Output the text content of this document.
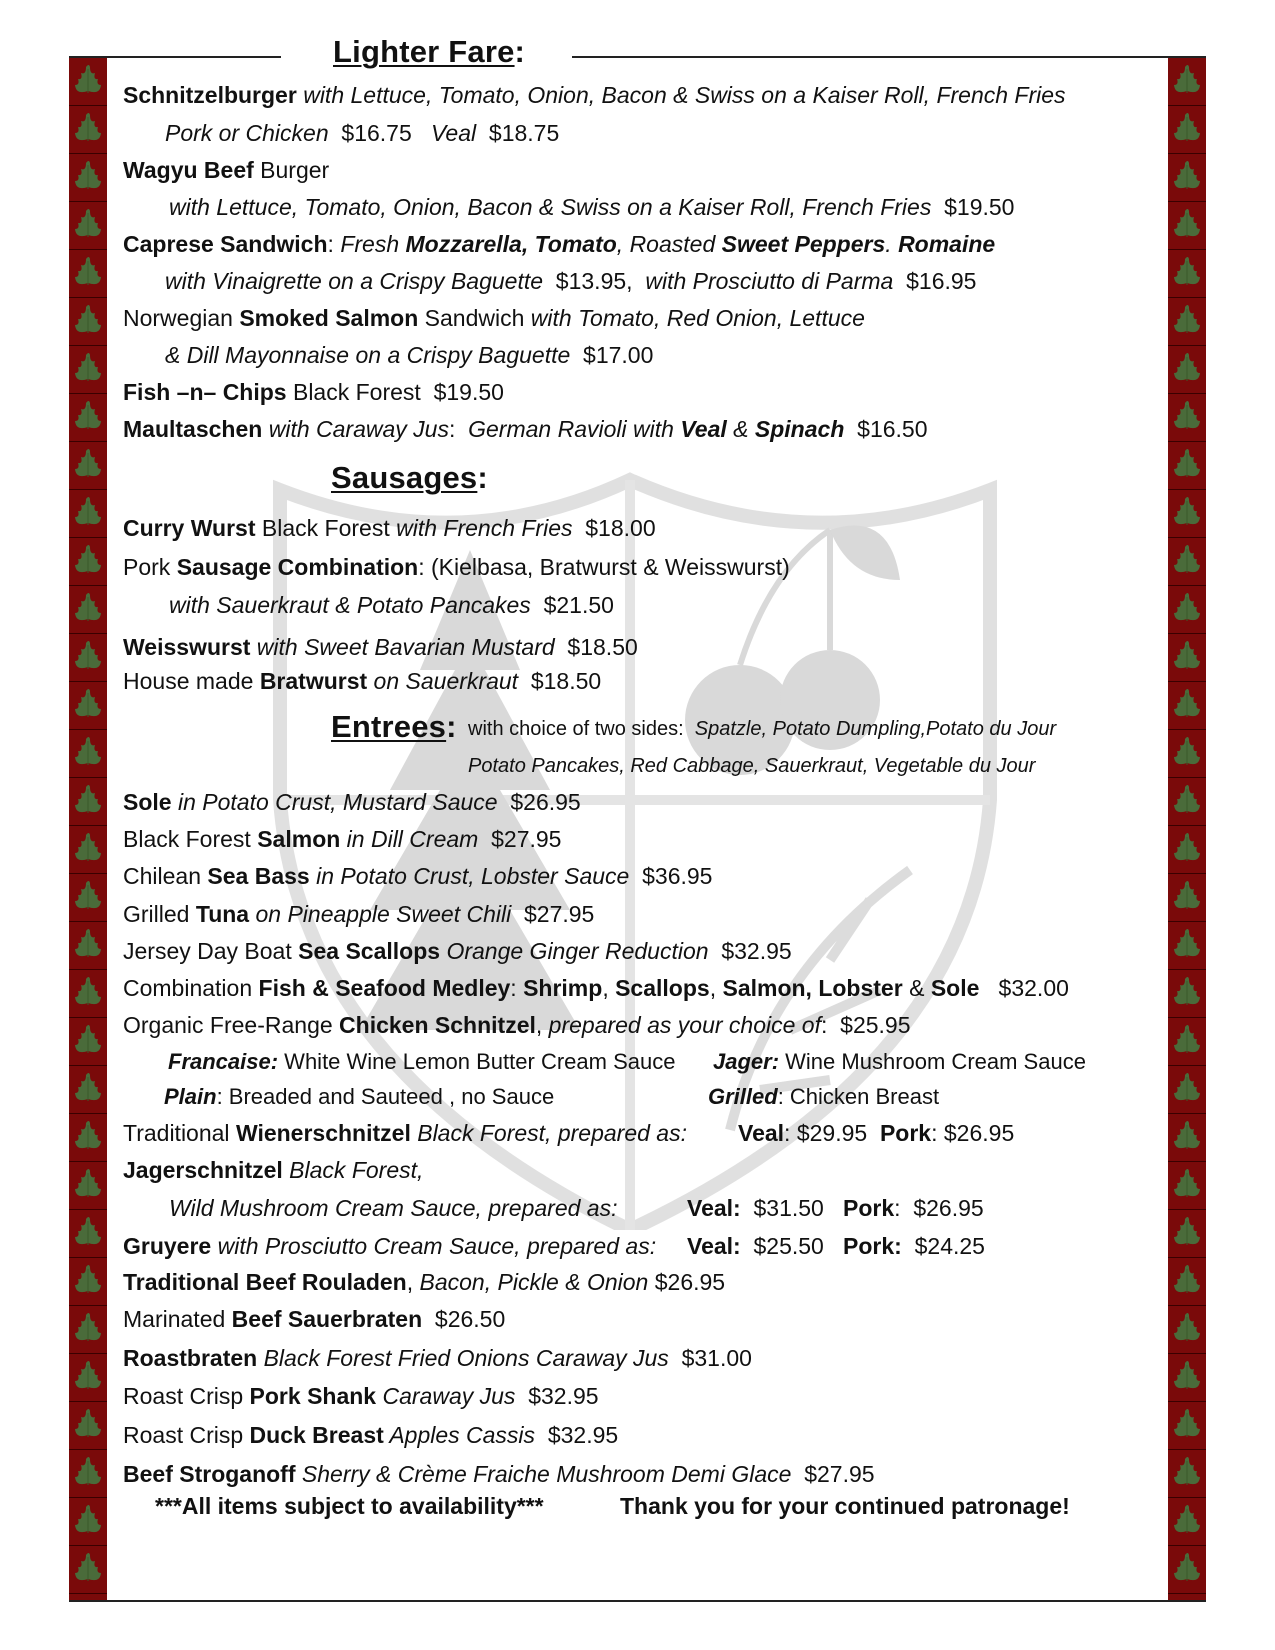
Lighter Fare:
Schnitzelburger with Lettuce, Tomato, Onion, Bacon & Swiss on a Kaiser Roll, French Fries
Pork or Chicken  $16.75   Veal  $18.75
Wagyu Beef Burger
with Lettuce, Tomato, Onion, Bacon & Swiss on a Kaiser Roll, French Fries  $19.50
Caprese Sandwich: Fresh Mozzarella, Tomato, Roasted Sweet Peppers. Romaine
with Vinaigrette on a Crispy Baguette  $13.95,  with Prosciutto di Parma  $16.95
Norwegian Smoked Salmon Sandwich with Tomato, Red Onion, Lettuce
& Dill Mayonnaise on a Crispy Baguette  $17.00
Fish –n– Chips Black Forest  $19.50
Maultaschen with Caraway Jus:  German Ravioli with Veal & Spinach  $16.50
Sausages:
Curry Wurst Black Forest with French Fries  $18.00
Pork Sausage Combination: (Kielbasa, Bratwurst & Weisswurst)
with Sauerkraut & Potato Pancakes  $21.50
Weisswurst with Sweet Bavarian Mustard  $18.50
House made Bratwurst on Sauerkraut  $18.50
Entrees: with choice of two sides:  Spatzle, Potato Dumpling,Potato du Jour
Potato Pancakes, Red Cabbage, Sauerkraut, Vegetable du Jour
Sole in Potato Crust, Mustard Sauce  $26.95
Black Forest Salmon in Dill Cream  $27.95
Chilean Sea Bass in Potato Crust, Lobster Sauce  $36.95
Grilled Tuna on Pineapple Sweet Chili  $27.95
Jersey Day Boat Sea Scallops Orange Ginger Reduction  $32.95
Combination Fish & Seafood Medley: Shrimp, Scallops, Salmon, Lobster & Sole   $32.00
Organic Free-Range Chicken Schnitzel, prepared as your choice of:  $25.95
Francaise: White Wine Lemon Butter Cream Sauce Jager: Wine Mushroom Cream Sauce
Plain: Breaded and Sauteed , no Sauce	Grilled: Chicken Breast
Traditional Wienerschnitzel Black Forest, prepared as: Veal: $29.95  Pork: $26.95
Jagerschnitzel Black Forest,
Wild Mushroom Cream Sauce, prepared as:	Veal:  $31.50   Pork:  $26.95
Gruyere with Prosciutto Cream Sauce, prepared as: Veal:  $25.50   Pork:  $24.25
Traditional Beef Rouladen, Bacon, Pickle & Onion $26.95
Marinated Beef Sauerbraten  $26.50
Roastbraten Black Forest Fried Onions Caraway Jus  $31.00
Roast Crisp Pork Shank Caraway Jus  $32.95
Roast Crisp Duck Breast Apples Cassis  $32.95
Beef Stroganoff Sherry & Crème Fraiche Mushroom Demi Glace  $27.95
***All items subject to availability***	Thank you for your continued patronage!
